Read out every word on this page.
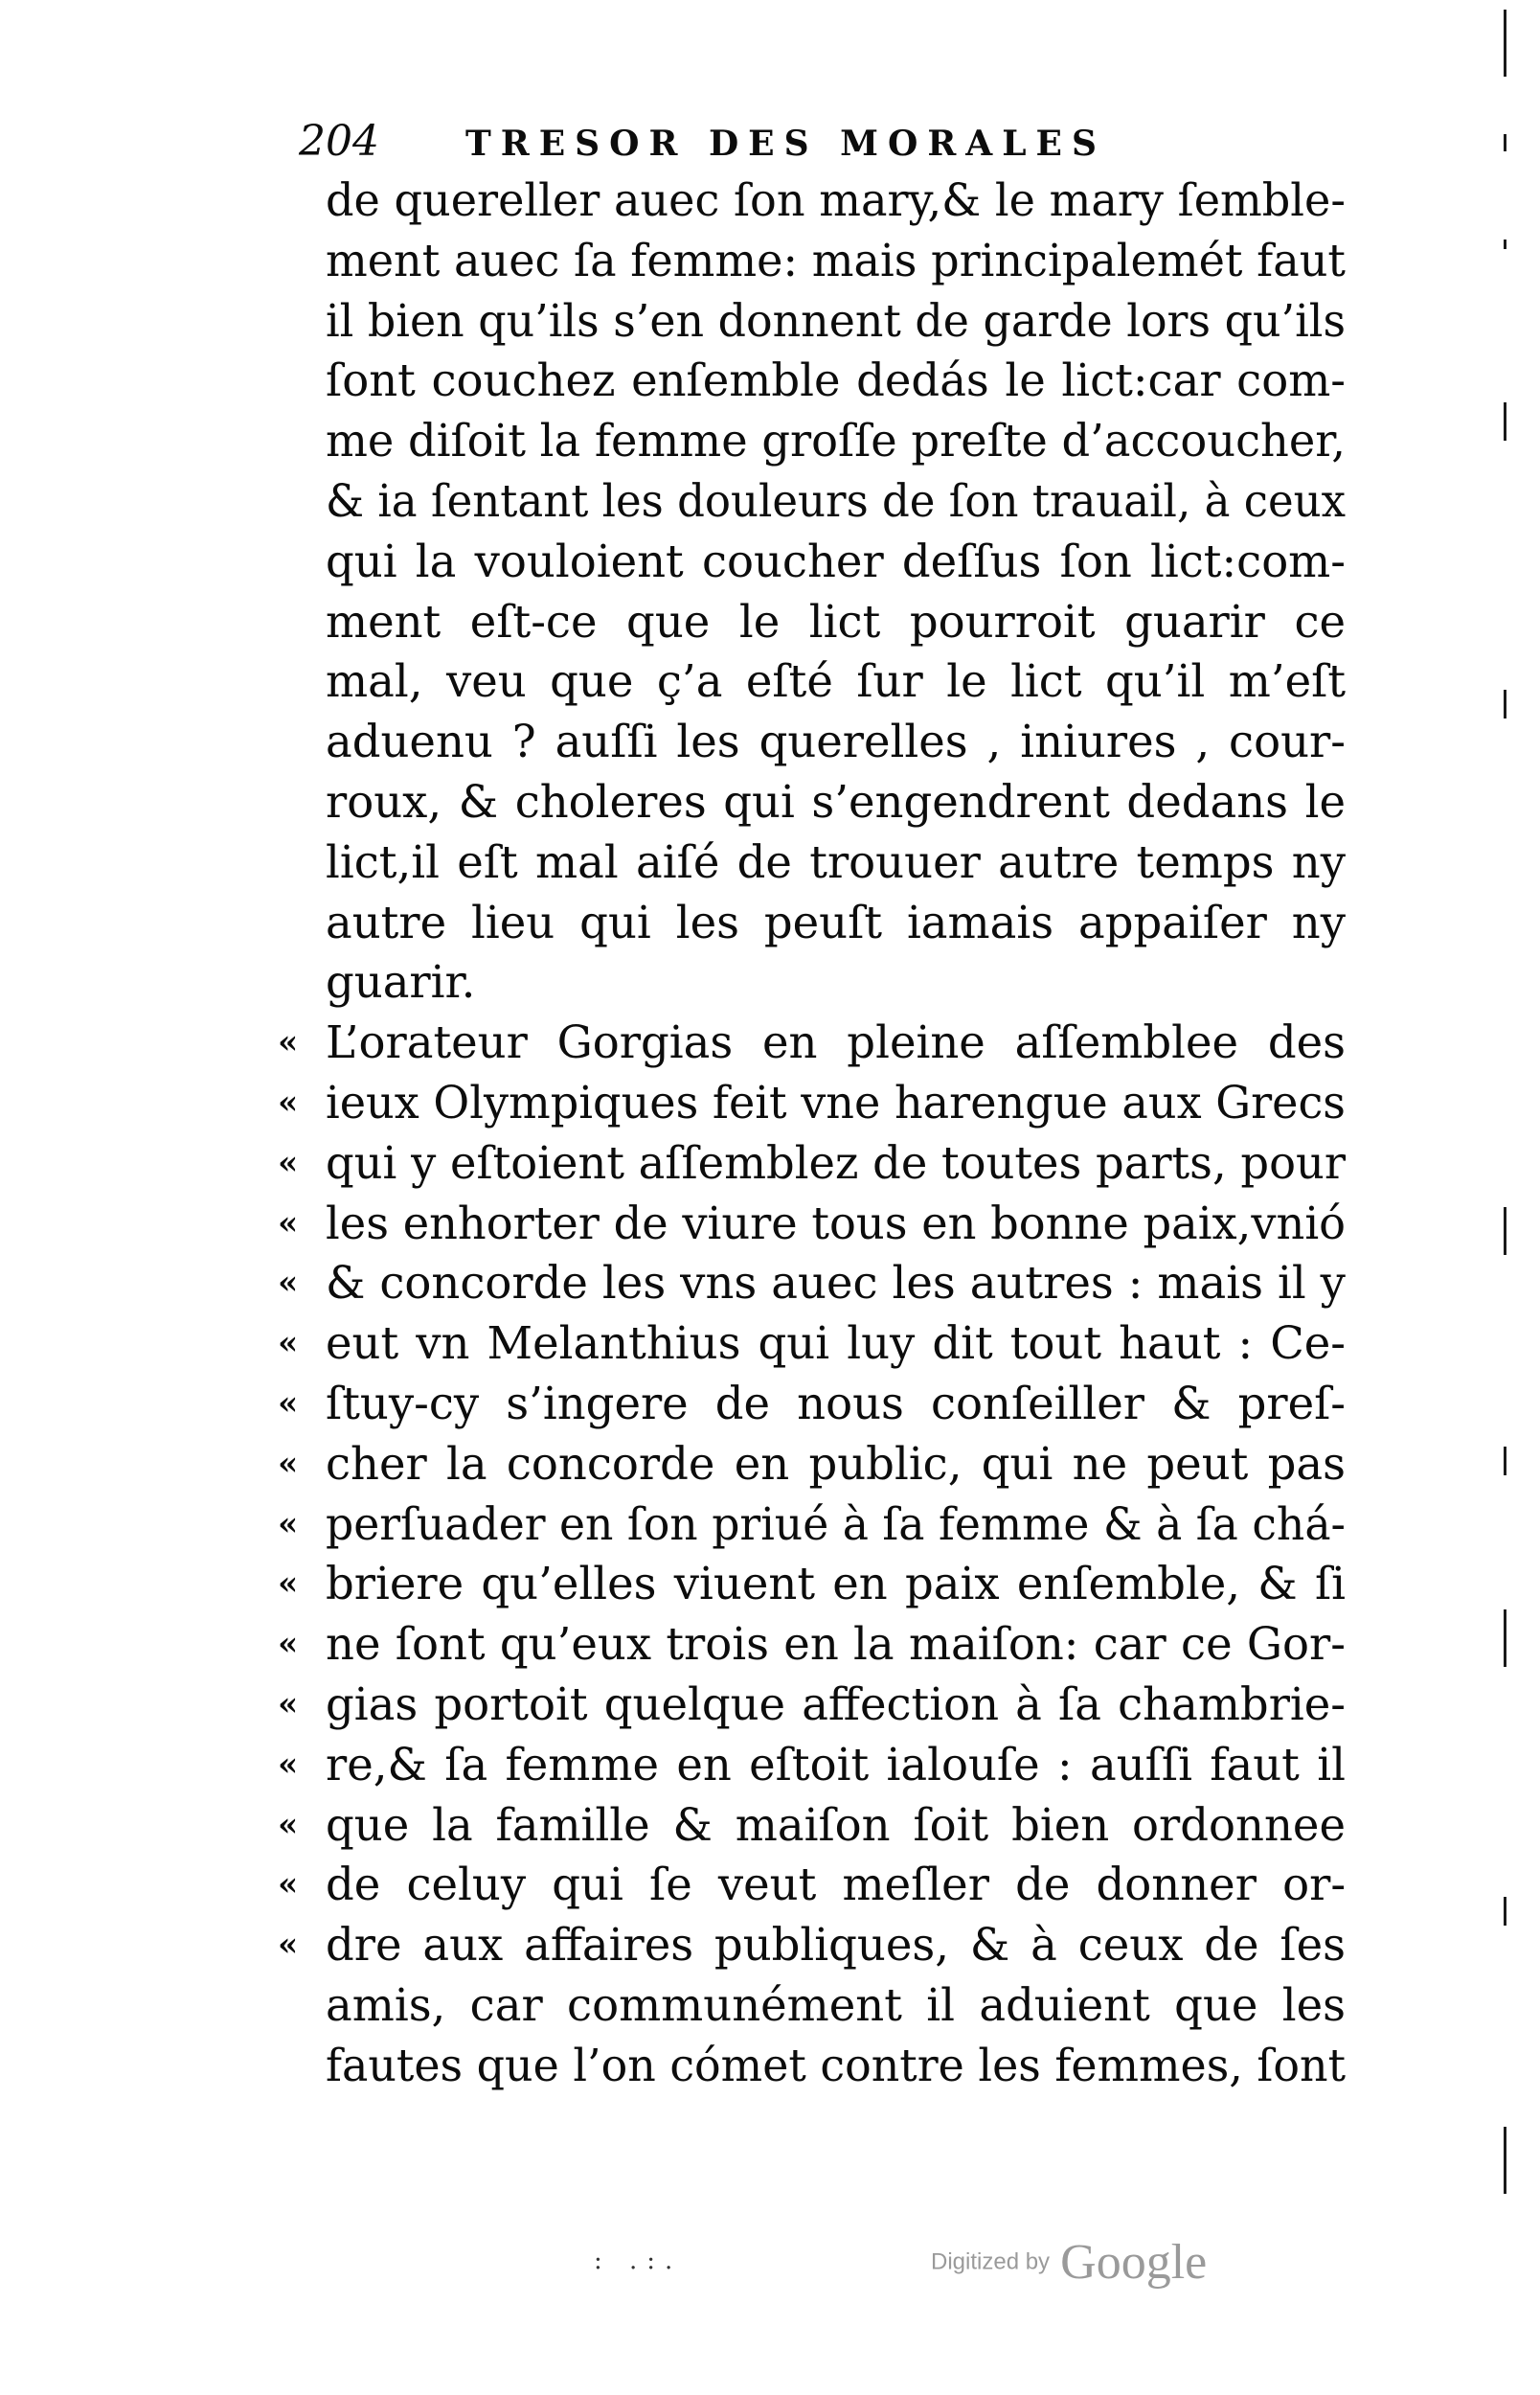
204	TRESOR DES MORALES
de quereller auec ſon mary,& le mary ſemble-
ment auec ſa femme: mais principalemét faut
il bien qu’ils s’en donnent de garde lors qu’ils
ſont couchez enſemble dedás le lict:car com-
me diſoit la femme groſſe preſte d’accoucher,
& ia ſentant les douleurs de ſon trauail, à ceux
qui la vouloient coucher deſſus ſon lict:com-
ment eſt-ce que le lict pourroit guarir ce
mal, veu que ç’a eſté ſur le lict qu’il m’eſt
aduenu ? auſſi les querelles , iniures , cour-
roux, & choleres qui s’engendrent dedans le
lict,il eſt mal aiſé de trouuer autre temps ny
autre lieu qui les peuſt iamais appaiſer ny
guarir.
« L’orateur Gorgias en pleine aſſemblee des
« ieux Olympiques feit vne harengue aux Grecs
« qui y eſtoient aſſemblez de toutes parts, pour
« les enhorter de viure tous en bonne paix,vnió
« & concorde les vns auec les autres : mais il y
« eut vn Melanthius qui luy dit tout haut : Ce-
« ſtuy-cy s’ingere de nous conſeiller & preſ-
« cher la concorde en public, qui ne peut pas
« perſuader en ſon priué à ſa femme & à ſa chá-
« briere qu’elles viuent en paix enſemble, & ſi
« ne ſont qu’eux trois en la maiſon: car ce Gor-
« gias portoit quelque affection à ſa chambrie-
« re,& ſa femme en eſtoit ialouſe : auſſi faut il
« que la famille & maiſon ſoit bien ordonnee
« de celuy qui ſe veut meſler de donner or-
« dre aux affaires publiques, & à ceux de ſes
amis, car communément il aduient que les
fautes que l’on cómet contre les femmes, ſont
: .:.	Digitized by Google
